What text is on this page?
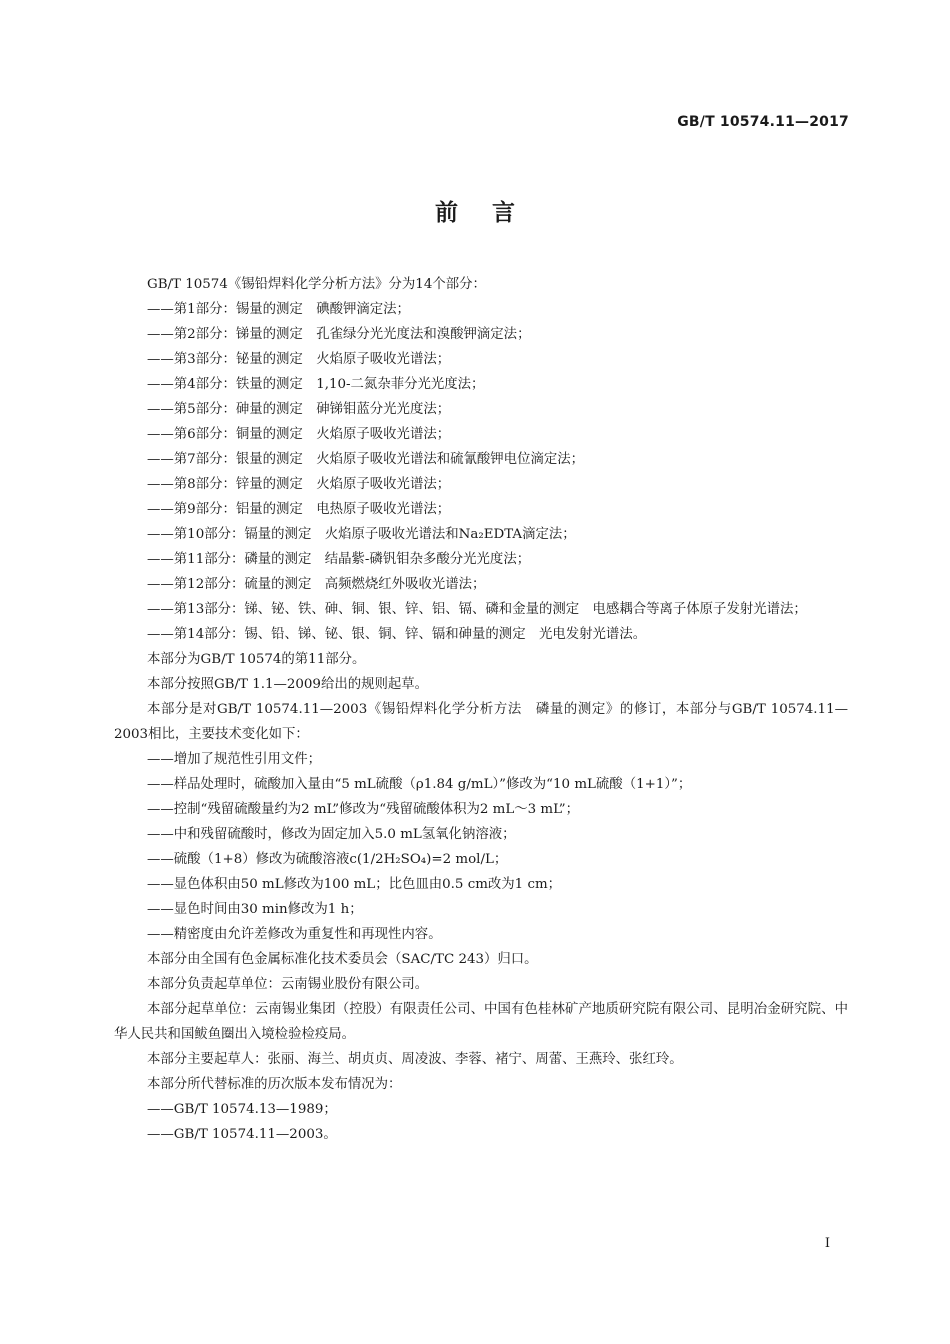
GB/T 10574.11—2017
前言

GB/T 10574《锡铅焊料化学分析方法》分为14个部分：

——第1部分：锡量的测定　碘酸钾滴定法；

——第2部分：锑量的测定　孔雀绿分光光度法和溴酸钾滴定法；

——第3部分：铋量的测定　火焰原子吸收光谱法；

——第4部分：铁量的测定　1,10-二氮杂菲分光光度法；

——第5部分：砷量的测定　砷锑钼蓝分光光度法；

——第6部分：铜量的测定　火焰原子吸收光谱法；

——第7部分：银量的测定　火焰原子吸收光谱法和硫氰酸钾电位滴定法；

——第8部分：锌量的测定　火焰原子吸收光谱法；

——第9部分：铝量的测定　电热原子吸收光谱法；

——第10部分：镉量的测定　火焰原子吸收光谱法和Na₂EDTA滴定法；

——第11部分：磷量的测定　结晶紫-磷钒钼杂多酸分光光度法；

——第12部分：硫量的测定　高频燃烧红外吸收光谱法；

——第13部分：锑、铋、铁、砷、铜、银、锌、铝、镉、磷和金量的测定　电感耦合等离子体原子发射光谱法；

——第14部分：锡、铅、锑、铋、银、铜、锌、镉和砷量的测定　光电发射光谱法。

本部分为GB/T 10574的第11部分。

本部分按照GB/T 1.1—2009给出的规则起草。

本部分是对GB/T 10574.11—2003《锡铅焊料化学分析方法　磷量的测定》的修订，本部分与GB/T 10574.11—2003相比，主要技术变化如下：

——增加了规范性引用文件；

——样品处理时，硫酸加入量由“5 mL硫酸（ρ1.84 g/mL）”修改为“10 mL硫酸（1+1）”；

——控制“残留硫酸量约为2 mL”修改为“残留硫酸体积为2 mL～3 mL”；

——中和残留硫酸时，修改为固定加入5.0 mL氢氧化钠溶液；

——硫酸（1+8）修改为硫酸溶液c(1/2H₂SO₄)=2 mol/L；

——显色体积由50 mL修改为100 mL；比色皿由0.5 cm改为1 cm；

——显色时间由30 min修改为1 h；

——精密度由允许差修改为重复性和再现性内容。

本部分由全国有色金属标准化技术委员会（SAC/TC 243）归口。

本部分负责起草单位：云南锡业股份有限公司。

本部分起草单位：云南锡业集团（控股）有限责任公司、中国有色桂林矿产地质研究院有限公司、昆明冶金研究院、中华人民共和国鲅鱼圈出入境检验检疫局。

本部分主要起草人：张丽、海兰、胡贞贞、周凌波、李蓉、褚宁、周蕾、王燕玲、张红玲。

本部分所代替标准的历次版本发布情况为：

——GB/T 10574.13—1989；

——GB/T 10574.11—2003。

I
